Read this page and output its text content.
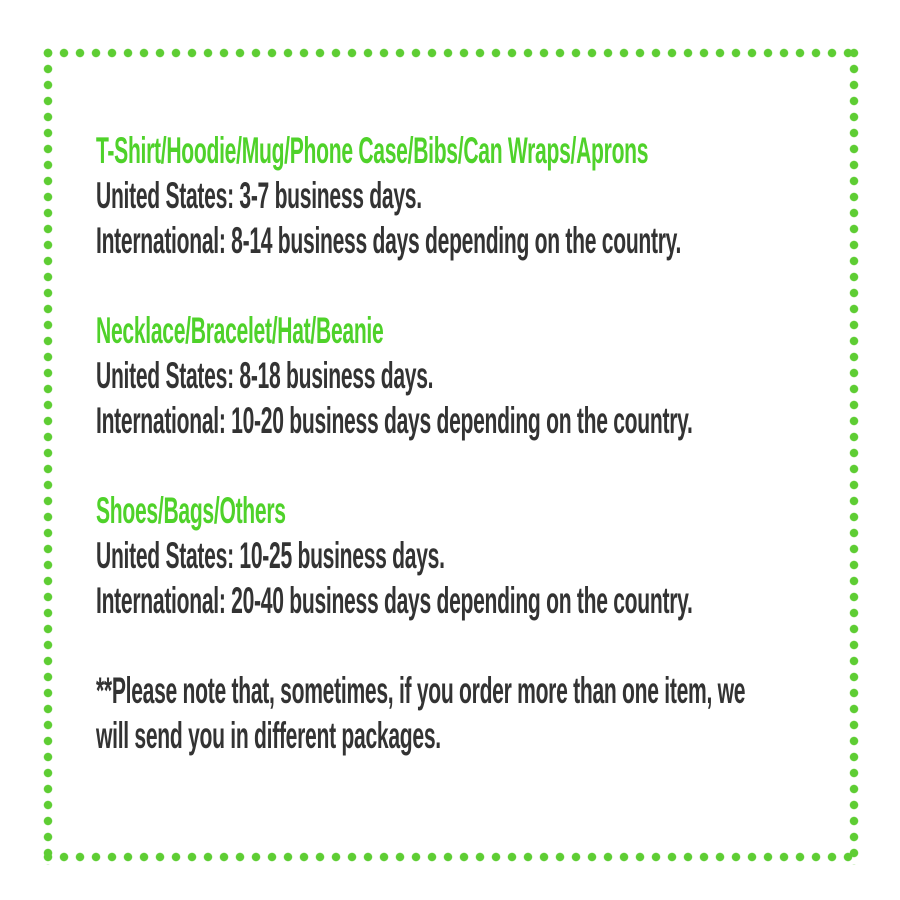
T-Shirt/Hoodie/Mug/Phone Case/Bibs/Can Wraps/Aprons
United States: 3-7 business days.
International: 8-14 business days depending on the country.
Necklace/Bracelet/Hat/Beanie
United States: 8-18 business days.
International: 10-20 business days depending on the country.
Shoes/Bags/Others
United States: 10-25 business days.
International: 20-40 business days depending on the country.
**Please note that, sometimes, if you order more than one item, we
will send you in different packages.
